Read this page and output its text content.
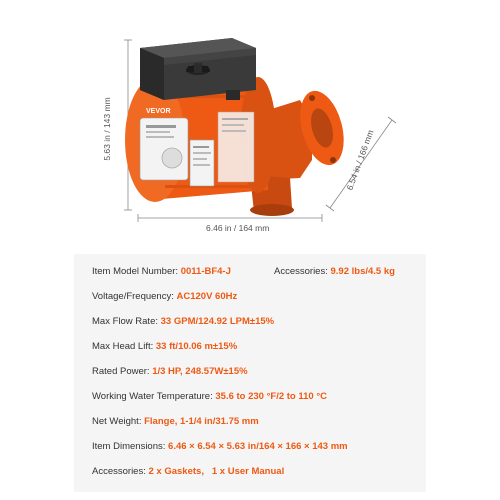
VEVOR
5.63 in / 143 mm
6.46 in / 164 mm
6.54 in / 166 mm
Item Model Number: 0011-BF4-J	Accessories: 9.92 lbs/4.5 kg
Voltage/Frequency: AC120V 60Hz
Max Flow Rate: 33 GPM/124.92 LPM±15%
Max Head Lift: 33 ft/10.06 m±15%
Rated Power: 1/3 HP, 248.57W±15%
Working Water Temperature: 35.6 to 230 °F/2 to 110 °C
Net Weight: Flange, 1-1/4 in/31.75 mm
Item Dimensions: 6.46 × 6.54 × 5.63 in/164 × 166 × 143 mm
Accessories: 2 x Gaskets,   1 x User Manual
